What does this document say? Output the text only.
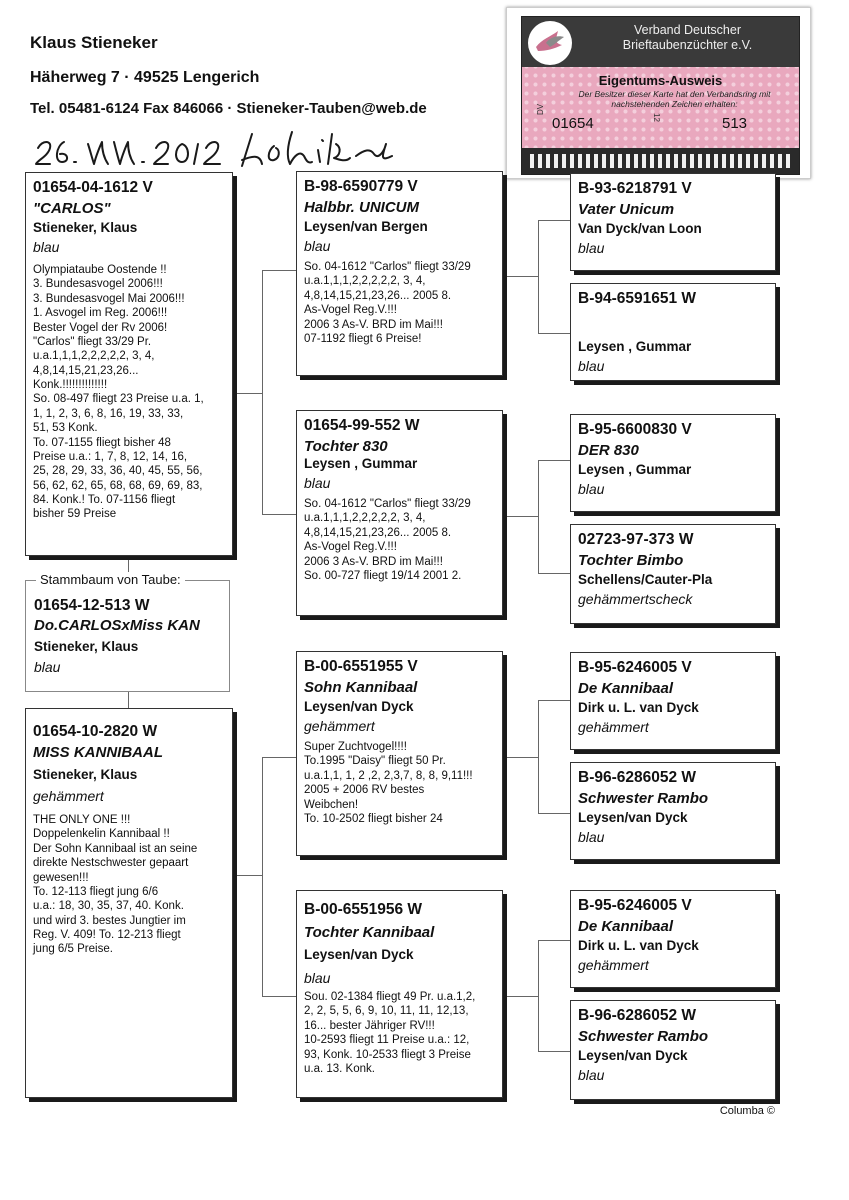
Klaus Stieneker
Häherweg 7 · 49525 Lengerich
Tel. 05481-6124 Fax 846066 · Stieneker-Tauben@web.de
Verband Deutscher
Brieftaubenzüchter e.V.
Eigentums-Ausweis
Der Besitzer dieser Karte hat den Verbandsring mit nachstehenden Zeichen erhalten:
DV
01654	12	513
01654-04-1612 V
"CARLOS"
Stieneker, Klaus
blau
Olympiataube Oostende !!
3. Bundesasvogel 2006!!!
3. Bundesasvogel Mai 2006!!!
1. Asvogel im Reg. 2006!!!
Bester Vogel der Rv 2006!
"Carlos" fliegt 33/29 Pr.
u.a.1,1,1,2,2,2,2,2, 3, 4,
4,8,14,15,21,23,26...
Konk.!!!!!!!!!!!!!!
So. 08-497 fliegt 23 Preise u.a. 1,
1, 1, 2, 3, 6, 8, 16, 19, 33, 33,
51, 53 Konk.
To. 07-1155 fliegt bisher 48
Preise u.a.: 1, 7, 8, 12, 14, 16,
25, 28, 29, 33, 36, 40, 45, 55, 56,
56, 62, 62, 65, 68, 68, 69, 69, 83,
84. Konk.! To. 07-1156 fliegt
bisher 59 Preise
01654-12-513 W
Do.CARLOSxMiss KAN
Stieneker, Klaus
blau
Stammbaum von Taube:
01654-10-2820 W
MISS KANNIBAAL
Stieneker, Klaus
gehämmert
THE ONLY ONE !!!
Doppelenkelin Kannibaal !!
Der Sohn Kannibaal ist an seine
direkte Nestschwester gepaart
gewesen!!!
To. 12-113 fliegt jung 6/6
u.a.: 18, 30, 35, 37, 40. Konk.
und wird 3. bestes Jungtier im
Reg. V. 409! To. 12-213 fliegt
jung 6/5 Preise.
B-98-6590779 V
Halbbr. UNICUM
Leysen/van Bergen
blau
So. 04-1612 "Carlos" fliegt 33/29
u.a.1,1,1,2,2,2,2,2, 3, 4,
4,8,14,15,21,23,26... 2005 8.
As-Vogel Reg.V.!!!
2006 3 As-V. BRD im Mai!!!
07-1192 fliegt 6 Preise!
01654-99-552 W
Tochter 830
Leysen , Gummar
blau
So. 04-1612 "Carlos" fliegt 33/29
u.a.1,1,1,2,2,2,2,2, 3, 4,
4,8,14,15,21,23,26... 2005 8.
As-Vogel Reg.V.!!!
2006 3 As-V. BRD im Mai!!!
So. 00-727 fliegt 19/14 2001 2.
B-00-6551955 V
Sohn Kannibaal
Leysen/van Dyck
gehämmert
Super Zuchtvogel!!!!
To.1995 "Daisy" fliegt 50 Pr.
u.a.1,1, 1, 2 ,2, 2,3,7, 8, 8, 9,11!!!
2005 + 2006 RV bestes
Weibchen!
To. 10-2502 fliegt bisher 24
B-00-6551956 W
Tochter Kannibaal
Leysen/van Dyck
blau
Sou. 02-1384 fliegt 49 Pr. u.a.1,2,
2, 2, 5, 5, 6, 9, 10, 11, 11, 12,13,
16... bester Jähriger RV!!!
10-2593 fliegt 11 Preise u.a.: 12,
93, Konk. 10-2533 fliegt 3 Preise
u.a. 13. Konk.
B-93-6218791 V
Vater Unicum
Van Dyck/van Loon
blau
B-94-6591651 W
Leysen , Gummar
blau
B-95-6600830 V
DER 830
Leysen , Gummar
blau
02723-97-373 W
Tochter Bimbo
Schellens/Cauter-Pla
gehämmertscheck
B-95-6246005 V
De Kannibaal
Dirk u. L. van Dyck
gehämmert
B-96-6286052 W
Schwester Rambo
Leysen/van Dyck
blau
B-95-6246005 V
De Kannibaal
Dirk u. L. van Dyck
gehämmert
B-96-6286052 W
Schwester Rambo
Leysen/van Dyck
blau
Columba ©
